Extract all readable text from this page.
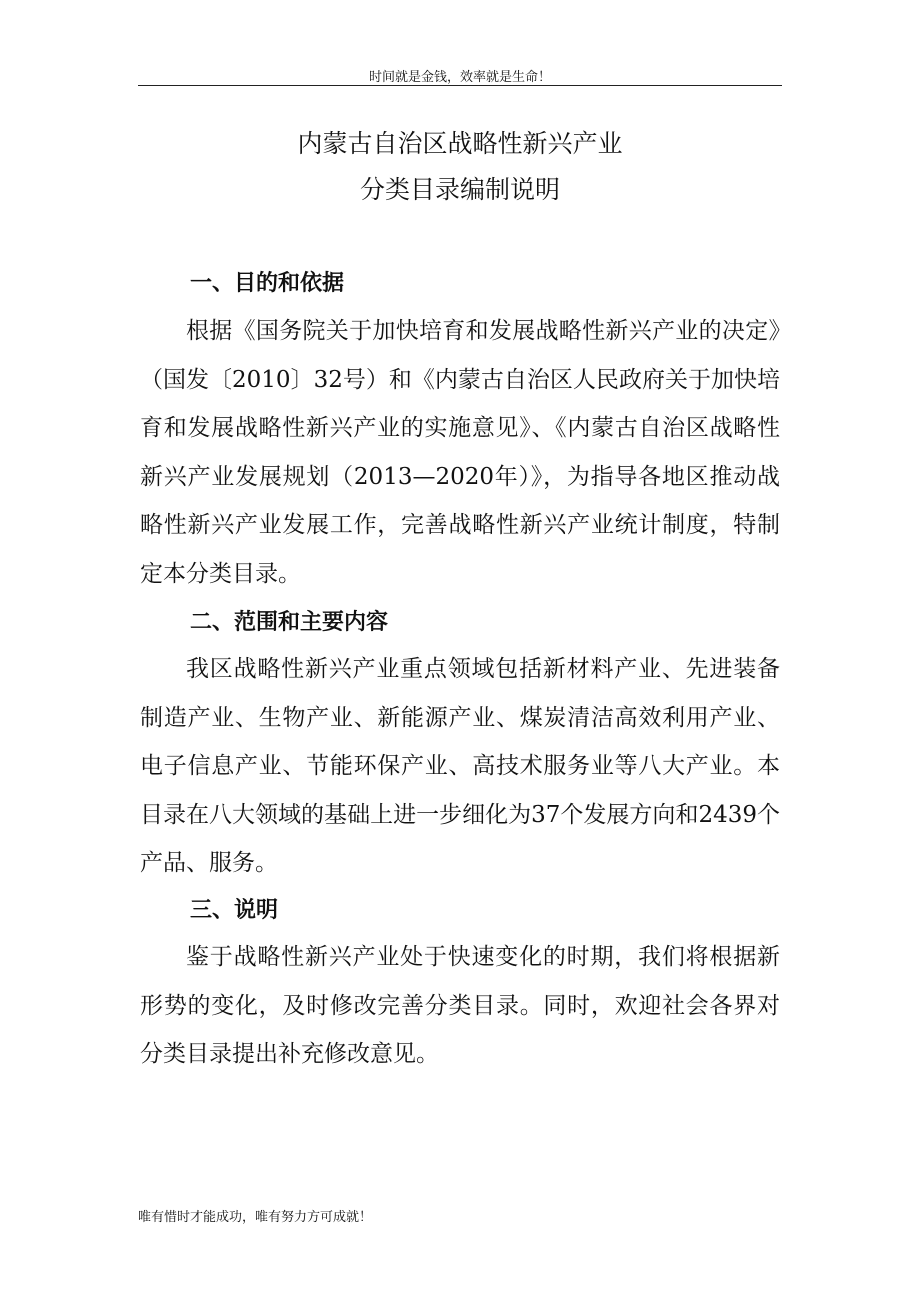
时间就是金钱，效率就是生命！
内蒙古自治区战略性新兴产业
分类目录编制说明
一、目的和依据

根据《国务院关于加快培育和发展战略性新兴产业的决定》（国发〔2010〕32号）和《内蒙古自治区人民政府关于加快培育和发展战略性新兴产业的实施意见》、《内蒙古自治区战略性新兴产业发展规划（2013—2020年）》，为指导各地区推动战略性新兴产业发展工作，完善战略性新兴产业统计制度，特制定本分类目录。

二、范围和主要内容

我区战略性新兴产业重点领域包括新材料产业、先进装备制造产业、生物产业、新能源产业、煤炭清洁高效利用产业、电子信息产业、节能环保产业、高技术服务业等八大产业。本目录在八大领域的基础上进一步细化为37个发展方向和2439个产品、服务。

三、说明

鉴于战略性新兴产业处于快速变化的时期，我们将根据新形势的变化，及时修改完善分类目录。同时，欢迎社会各界对分类目录提出补充修改意见。

唯有惜时才能成功，唯有努力方可成就！
